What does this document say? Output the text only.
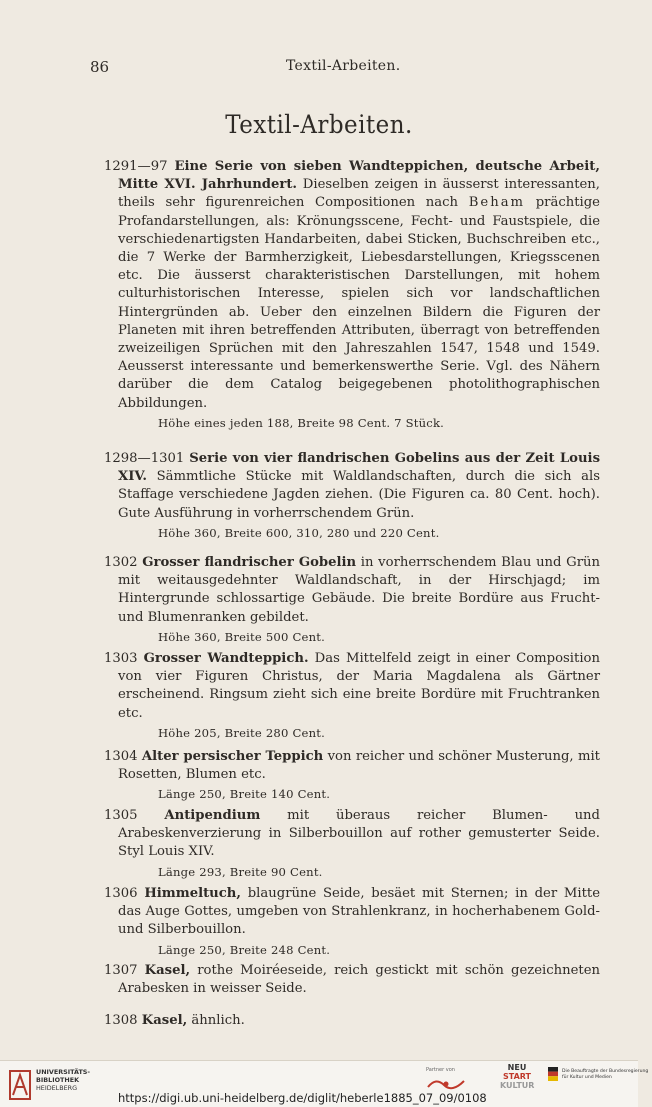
86	Textil-Arbeiten.
Textil-Arbeiten.
1291—97 Eine Serie von sieben Wandteppichen, deutsche Arbeit, Mitte XVI. Jahrhundert. Dieselben zeigen in äusserst interessanten, theils sehr figurenreichen Compositionen nach Beham prächtige Profandarstellungen, als: Krönungsscene, Fecht- und Faustspiele, die verschiedenartigsten Handarbeiten, dabei Sticken, Buchschreiben etc., die 7 Werke der Barmherzigkeit, Liebesdarstellungen, Kriegsscenen etc. Die äusserst charakteristischen Darstellungen, mit hohem culturhistorischen Interesse, spielen sich vor landschaftlichen Hintergründen ab. Ueber den einzelnen Bildern die Figuren der Planeten mit ihren betreffenden Attributen, überragt von betreffenden zweizeiligen Sprüchen mit den Jahreszahlen 1547, 1548 und 1549. Aeusserst interessante und bemerkenswerthe Serie. Vgl. des Nähern darüber die dem Catalog beigegebenen photolithographischen Abbildungen.
Höhe eines jeden 188, Breite 98 Cent. 7 Stück.
1298—1301 Serie von vier flandrischen Gobelins aus der Zeit Louis XIV. Sämmtliche Stücke mit Waldlandschaften, durch die sich als Staffage verschiedene Jagden ziehen. (Die Figuren ca. 80 Cent. hoch). Gute Ausführung in vorherrschendem Grün.
Höhe 360, Breite 600, 310, 280 und 220 Cent.
1302 Grosser flandrischer Gobelin in vorherrschendem Blau und Grün mit weitausgedehnter Waldlandschaft, in der Hirschjagd; im Hintergrunde schlossartige Gebäude. Die breite Bordüre aus Frucht- und Blumenranken gebildet.
Höhe 360, Breite 500 Cent.
1303 Grosser Wandteppich. Das Mittelfeld zeigt in einer Composition von vier Figuren Christus, der Maria Magdalena als Gärtner erscheinend. Ringsum zieht sich eine breite Bordüre mit Fruchtranken etc.
Höhe 205, Breite 280 Cent.
1304 Alter persischer Teppich von reicher und schöner Musterung, mit Rosetten, Blumen etc.
Länge 250, Breite 140 Cent.
1305 Antipendium mit überaus reicher Blumen- und Arabeskenverzierung in Silberbouillon auf rother gemusterter Seide. Styl Louis XIV.
Länge 293, Breite 90 Cent.
1306 Himmeltuch, blaugrüne Seide, besäet mit Sternen; in der Mitte das Auge Gottes, umgeben von Strahlenkranz, in hocherhabenem Gold- und Silberbouillon.
Länge 250, Breite 248 Cent.
1307 Kasel, rothe Moiréeseide, reich gestickt mit schön gezeichneten Arabesken in weisser Seide.
1308 Kasel, ähnlich.
UNIVERSITÄTS-
BIBLIOTHEK
HEIDELBERG
https://digi.ub.uni-heidelberg.de/diglit/heberle1885_07_09/0108
Partner von	NEU
START
KULTUR
Die Beauftragte der Bundesregierung
für Kultur und Medien
